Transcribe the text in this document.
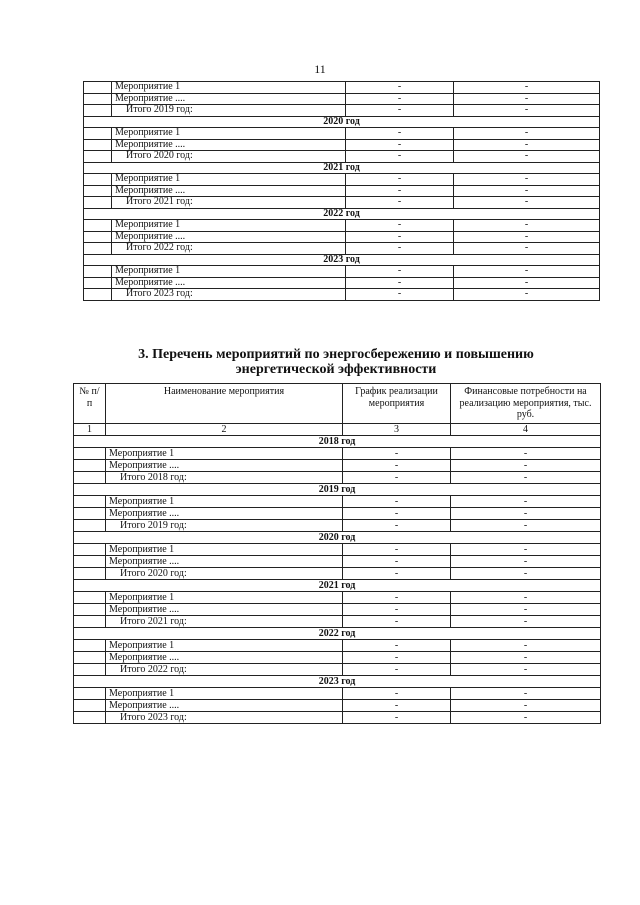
11
	Мероприятие 1	-	-
	Мероприятие ....	-	-
	Итого 2019 год:	-	-
2020 год			
	Мероприятие 1	-	-
	Мероприятие ....	-	-
	Итого 2020 год:	-	-
2021 год			
	Мероприятие 1	-	-
	Мероприятие ....	-	-
	Итого 2021 год:	-	-
2022 год			
	Мероприятие 1	-	-
	Мероприятие ....	-	-
	Итого 2022 год:	-	-
2023 год			
	Мероприятие 1	-	-
	Мероприятие ....	-	-
	Итого 2023 год:	-	-
3. Перечень мероприятий по энергосбережению и повышению
энергетической эффективности
№ п/п	Наименование мероприятия	График реализации мероприятия	Финансовые потребности на реализацию мероприятия, тыс. руб.
1	2	3	4
2018 год			
	Мероприятие 1	-	-
	Мероприятие ....	-	-
	Итого 2018 год:	-	-
2019 год			
	Мероприятие 1	-	-
	Мероприятие ....	-	-
	Итого 2019 год:	-	-
2020 год			
	Мероприятие 1	-	-
	Мероприятие ....	-	-
	Итого 2020 год:	-	-
2021 год			
	Мероприятие 1	-	-
	Мероприятие ....	-	-
	Итого 2021 год:	-	-
2022 год			
	Мероприятие 1	-	-
	Мероприятие ....	-	-
	Итого 2022 год:	-	-
2023 год			
	Мероприятие 1	-	-
	Мероприятие ....	-	-
	Итого 2023 год:	-	-
